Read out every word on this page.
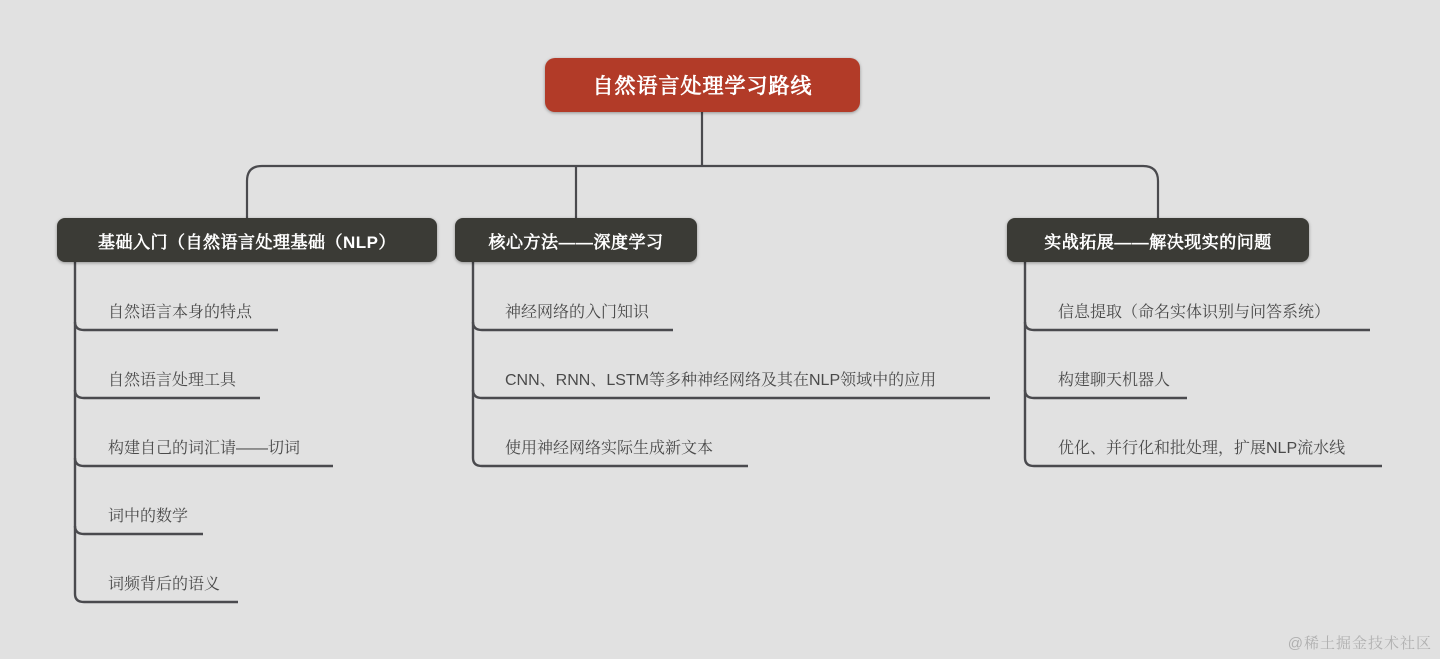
自然语言处理学习路线
基础入门（自然语言处理基础（NLP）	核心方法——深度学习	实战拓展——解决现实的问题
自然语言本身的特点
自然语言处理工具
构建自己的词汇请——切词
词中的数学
词频背后的语义
神经网络的入门知识
CNN、RNN、LSTM等多种神经网络及其在NLP领域中的应用
使用神经网络实际生成新文本
信息提取（命名实体识别与问答系统）
构建聊天机器人
优化、并行化和批处理，扩展NLP流水线
@稀土掘金技术社区
